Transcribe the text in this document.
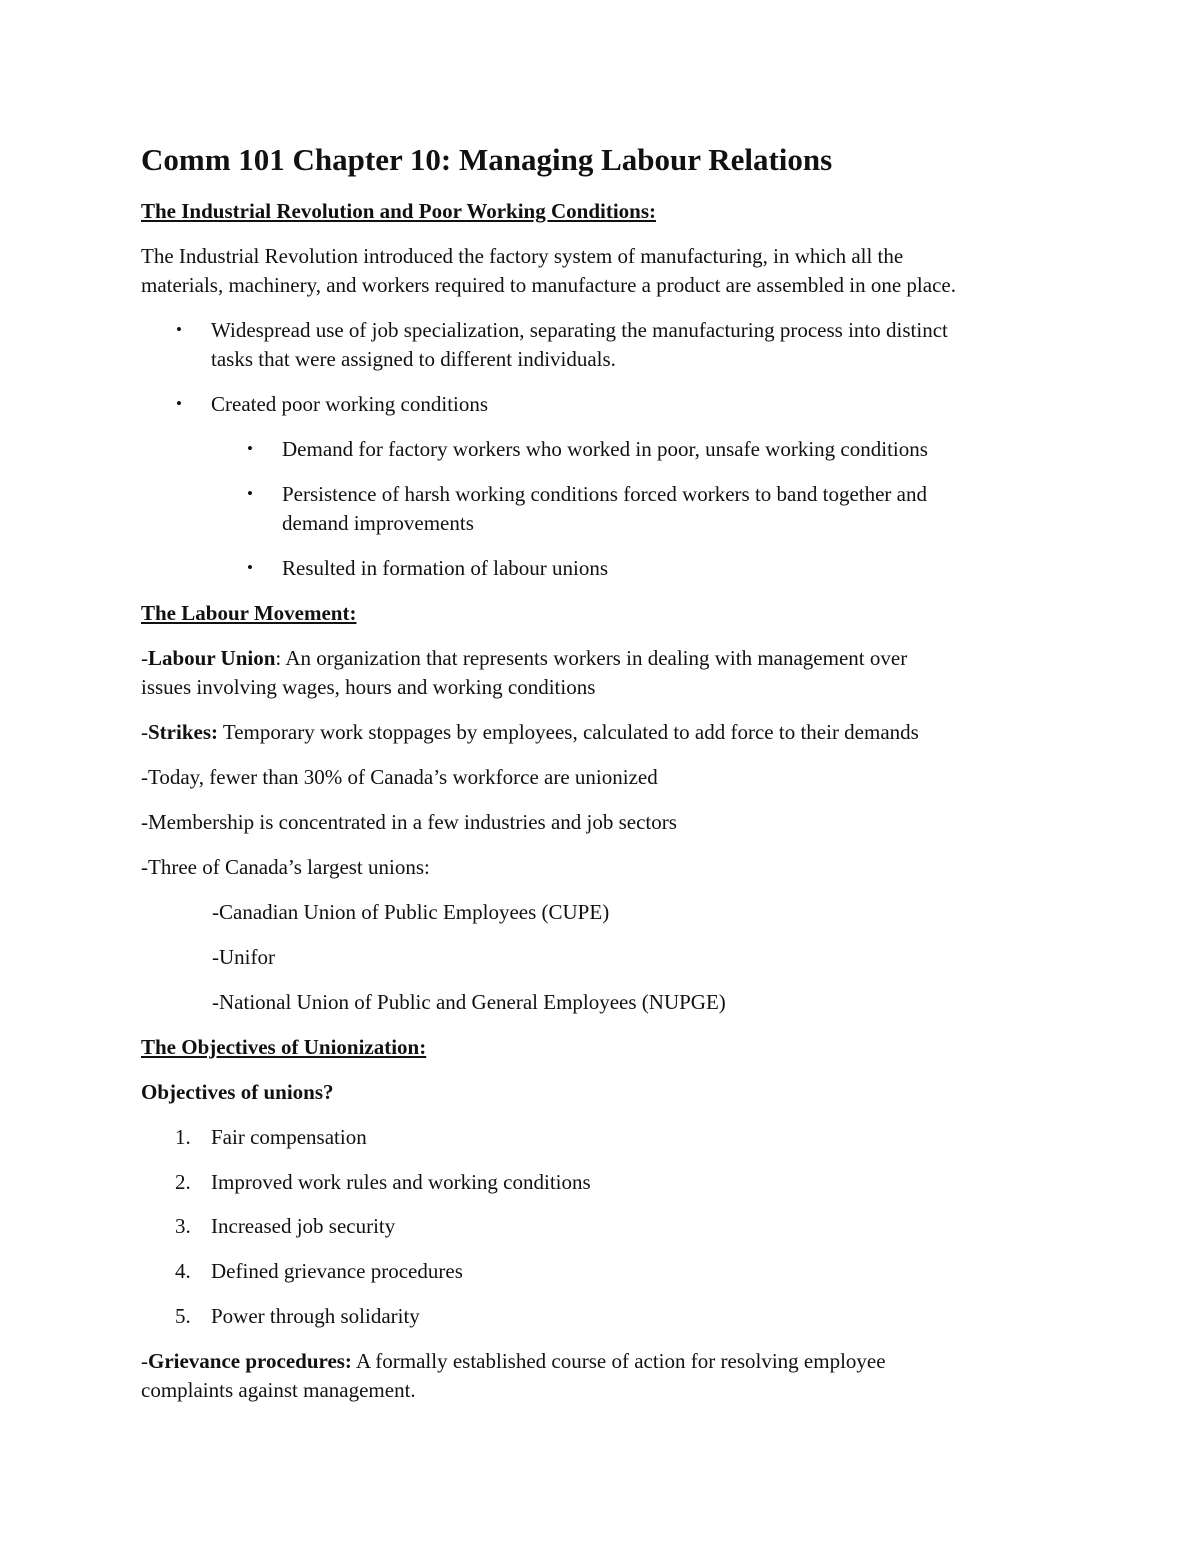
Comm 101 Chapter 10: Managing Labour Relations
The Industrial Revolution and Poor Working Conditions:
The Industrial Revolution introduced the factory system of manufacturing, in which all the
materials, machinery, and workers required to manufacture a product are assembled in one place.
• Widespread use of job specialization, separating the manufacturing process into distinct
tasks that were assigned to different individuals.
• Created poor working conditions
• Demand for factory workers who worked in poor, unsafe working conditions
• Persistence of harsh working conditions forced workers to band together and
demand improvements
• Resulted in formation of labour unions
The Labour Movement:
-Labour Union: An organization that represents workers in dealing with management over
issues involving wages, hours and working conditions
-Strikes: Temporary work stoppages by employees, calculated to add force to their demands
-Today, fewer than 30% of Canada’s workforce are unionized
-Membership is concentrated in a few industries and job sectors
-Three of Canada’s largest unions:
-Canadian Union of Public Employees (CUPE)
-Unifor
-National Union of Public and General Employees (NUPGE)
The Objectives of Unionization:
Objectives of unions?
1. Fair compensation
2. Improved work rules and working conditions
3. Increased job security
4. Defined grievance procedures
5. Power through solidarity
-Grievance procedures: A formally established course of action for resolving employee
complaints against management.
